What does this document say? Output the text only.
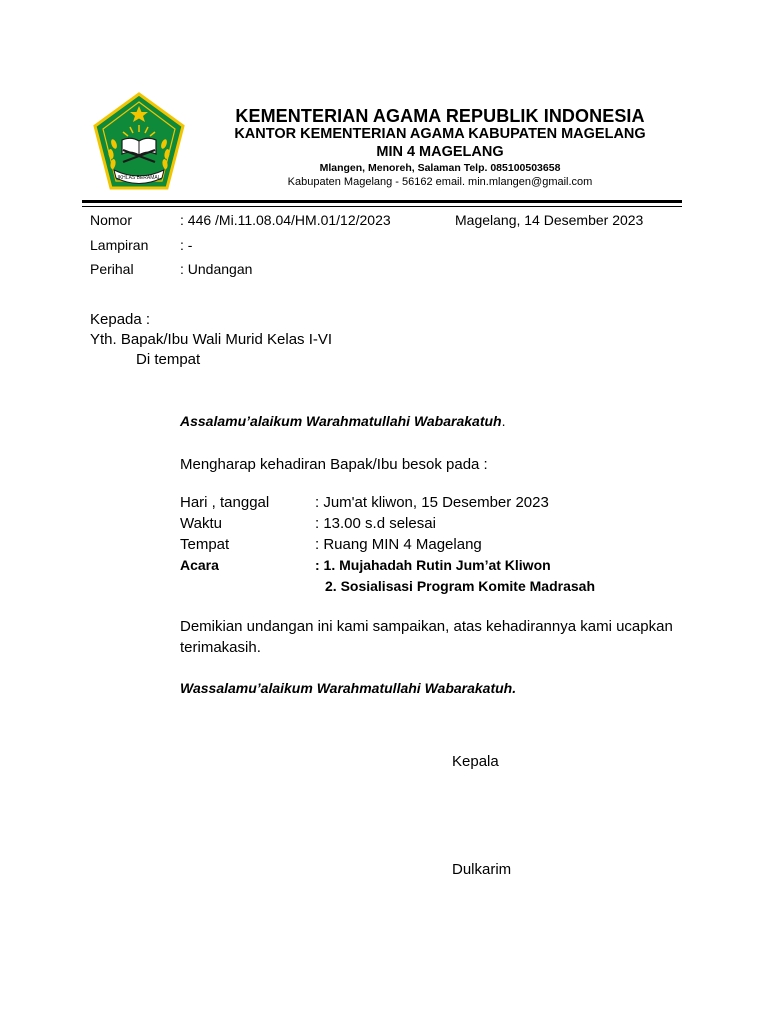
IKHLAS BERAMAL
KEMENTERIAN AGAMA REPUBLIK INDONESIA
KANTOR KEMENTERIAN AGAMA KABUPATEN MAGELANG
MIN 4 MAGELANG
Mlangen, Menoreh, Salaman Telp. 085100503658
Kabupaten Magelang - 56162 email. min.mlangen@gmail.com
Nomor	: 446 /Mi.11.08.04/HM.01/12/2023	Magelang, 14 Desember 2023
Lampiran : -
Perihal	: Undangan
Kepada :
Yth. Bapak/Ibu Wali Murid Kelas I-VI
Di tempat
Assalamu’alaikum Warahmatullahi Wabarakatuh.
Mengharap kehadiran Bapak/Ibu besok pada :
Hari , tanggal	: Jum'at kliwon, 15 Desember 2023
Waktu	: 13.00 s.d selesai
Tempat	: Ruang MIN 4 Magelang
Acara	: 1. Mujahadah Rutin Jum’at Kliwon
2. Sosialisasi Program Komite Madrasah
Demikian undangan ini kami sampaikan, atas kehadirannya kami ucapkan
terimakasih.
Wassalamu’alaikum Warahmatullahi Wabarakatuh.
Kepala
Dulkarim
